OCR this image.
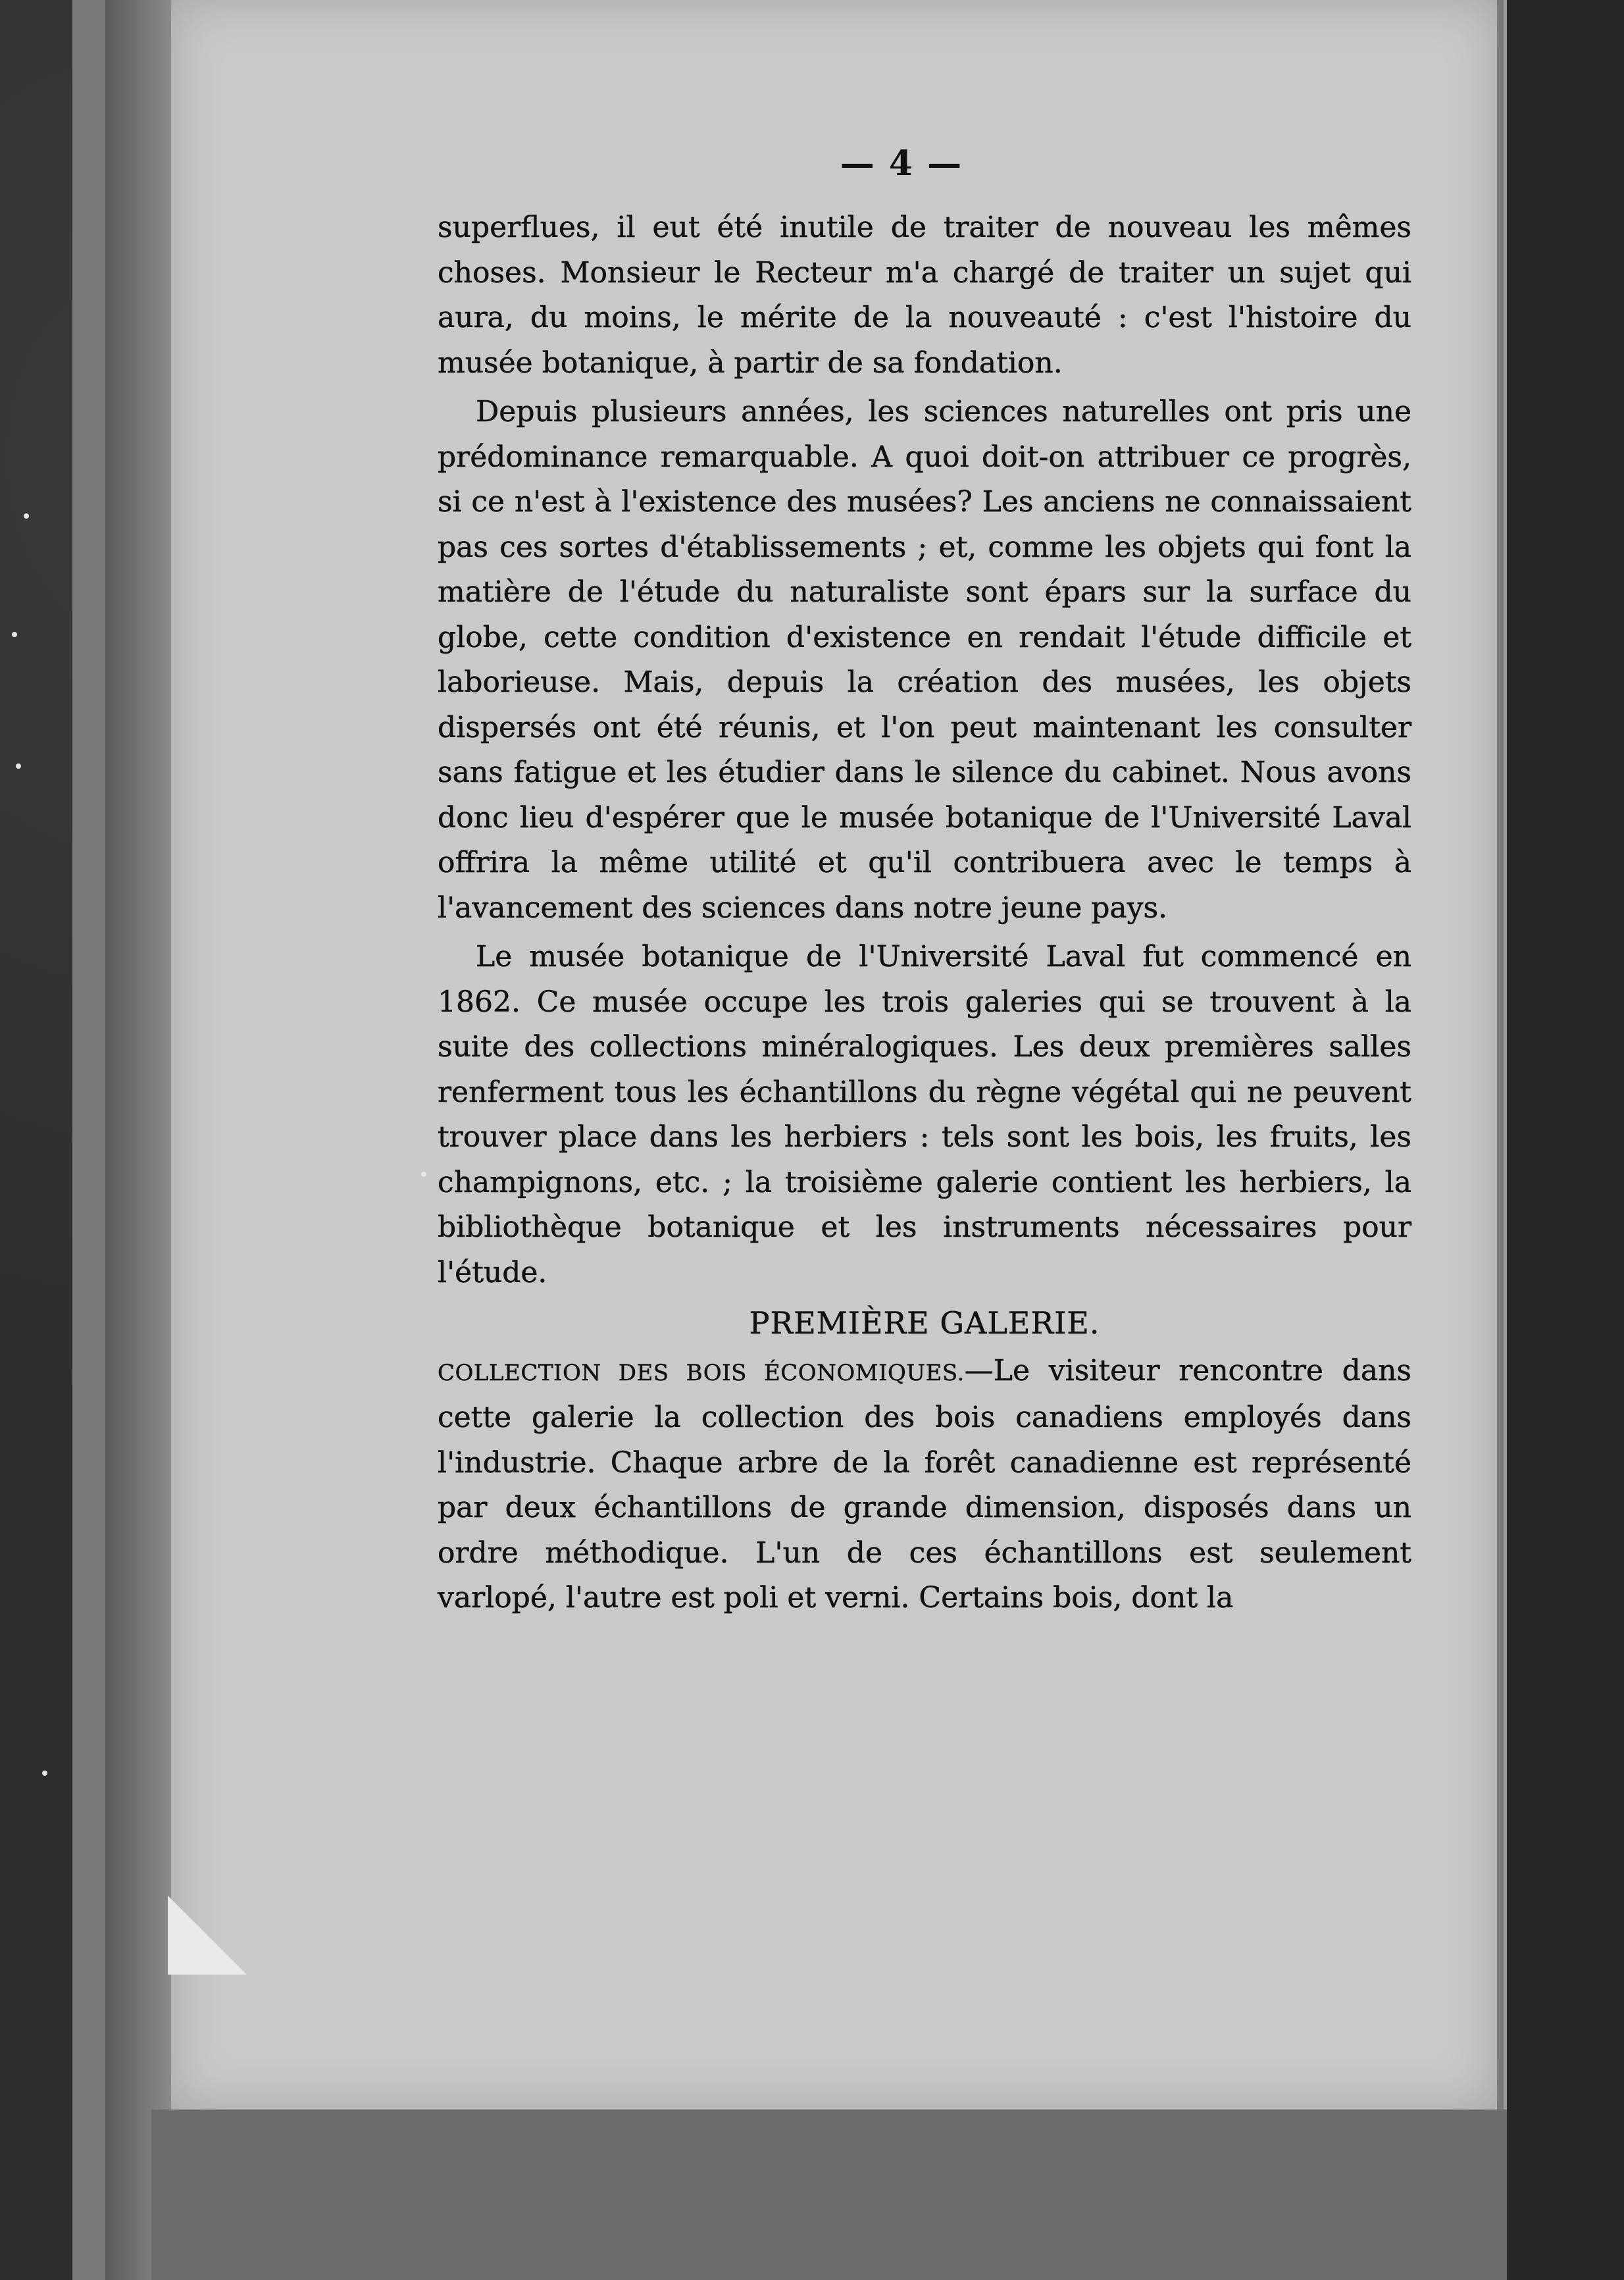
— 4 —

superflues, il eut été inutile de traiter de nouveau les mêmes choses. Monsieur le Recteur m'a chargé de traiter un sujet qui aura, du moins, le mérite de la nouveauté : c'est l'histoire du musée botanique, à partir de sa fondation.

Depuis plusieurs années, les sciences naturelles ont pris une prédominance remarquable. A quoi doit-on attribuer ce progrès, si ce n'est à l'existence des musées? Les anciens ne connaissaient pas ces sortes d'établissements ; et, comme les objets qui font la matière de l'étude du naturaliste sont épars sur la surface du globe, cette condition d'existence en rendait l'étude difficile et laborieuse. Mais, depuis la création des musées, les objets dispersés ont été réunis, et l'on peut maintenant les consulter sans fatigue et les étudier dans le silence du cabinet. Nous avons donc lieu d'espérer que le musée botanique de l'Université Laval offrira la même utilité et qu'il contribuera avec le temps à l'avancement des sciences dans notre jeune pays.

Le musée botanique de l'Université Laval fut commencé en 1862. Ce musée occupe les trois galeries qui se trouvent à la suite des collections minéralogiques. Les deux premières salles renferment tous les échantillons du règne végétal qui ne peuvent trouver place dans les herbiers : tels sont les bois, les fruits, les champignons, etc. ; la troisième galerie contient les herbiers, la bibliothèque botanique et les instruments nécessaires pour l'étude.

PREMIÈRE GALERIE.

COLLECTION DES BOIS ÉCONOMIQUES.—Le visiteur rencontre dans cette galerie la collection des bois canadiens employés dans l'industrie. Chaque arbre de la forêt canadienne est représenté par deux échantillons de grande dimension, disposés dans un ordre méthodique. L'un de ces échantillons est seulement varlopé, l'autre est poli et verni. Certains bois, dont la
